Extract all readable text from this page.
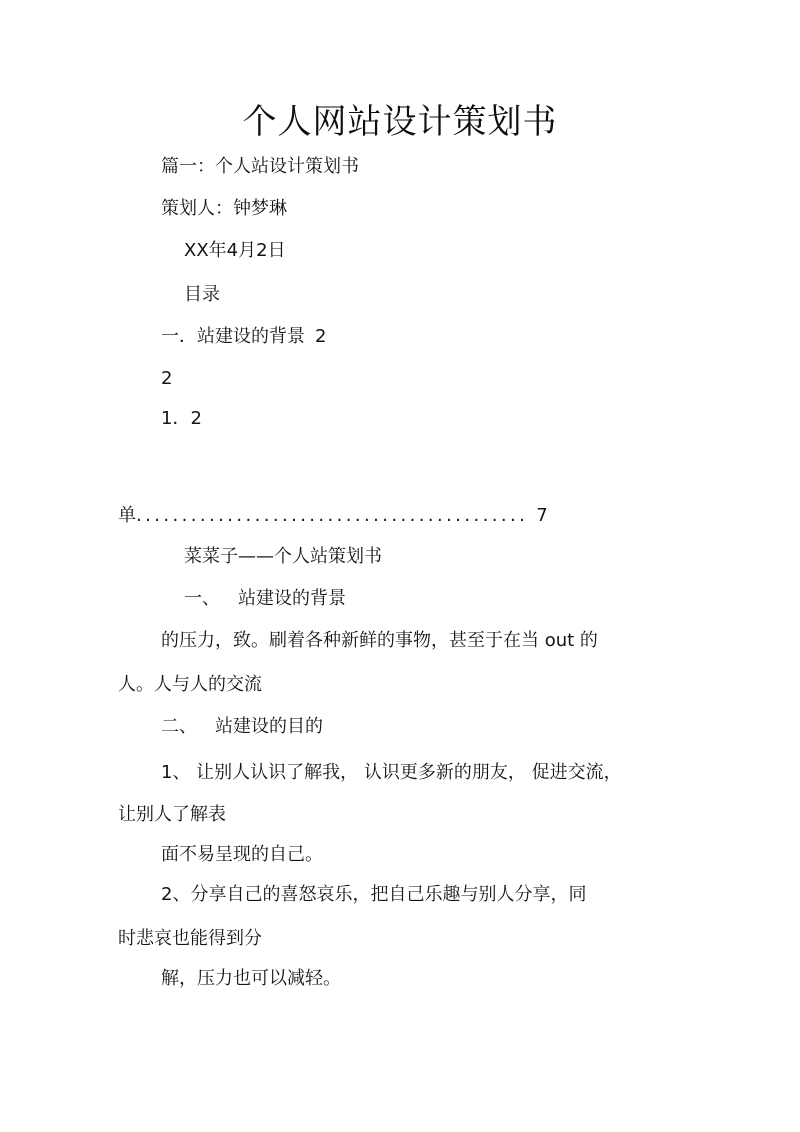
个人网站设计策划书
篇一：个人站设计策划书
策划人：钟梦琳
XX年4月2日
目录
一．站建设的背景 2
2
1．2
单........................................... 7
菜菜子——个人站策划书
一、 站建设的背景
的压力，致。刷着各种新鲜的事物，甚至于在当 out 的
人。人与人的交流
二、 站建设的目的
1、 让别人认识了解我， 认识更多新的朋友， 促进交流，
让别人了解表
面不易呈现的自己。
2、分享自己的喜怒哀乐，把自己乐趣与别人分享，同
时悲哀也能得到分
解，压力也可以减轻。
